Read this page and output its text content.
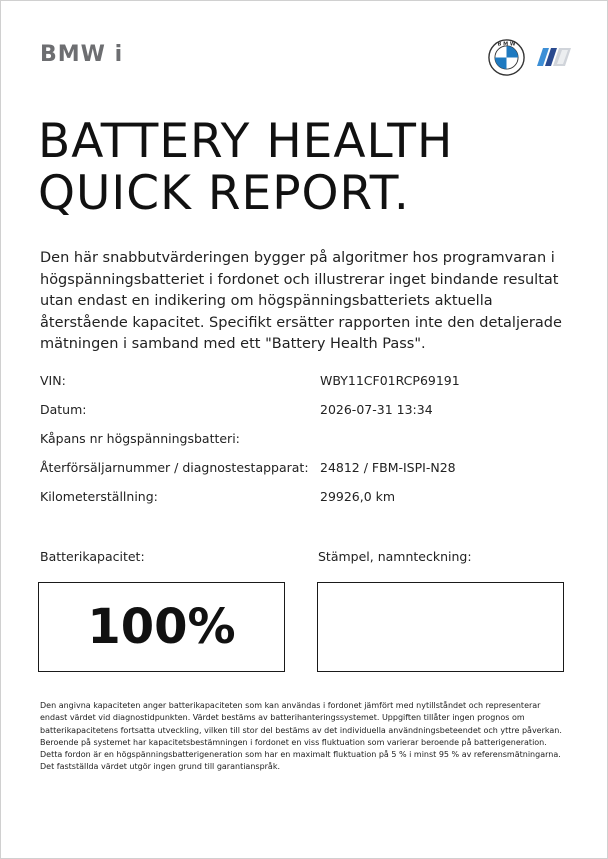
BMW i	B M W
BATTERY HEALTH
QUICK REPORT.

Den här snabbutvärderingen bygger på algoritmer hos programvaran i högspänningsbatteriet i fordonet och illustrerar inget bindande resultat utan endast en indikering om högspänningsbatteriets aktuella återstående kapacitet. Specifikt ersätter rapporten inte den detaljerade mätningen i samband med ett "Battery Health Pass".

VIN:	WBY11CF01RCP69191
Datum:	2026-07-31 13:34
Kåpans nr högspänningsbatteri:
Återförsäljarnummer / diagnostestapparat: 24812 / FBM-ISPI-N28
Kilometerställning:	29926,0 km
Batterikapacitet:	Stämpel, namnteckning:
100%

Den angivna kapaciteten anger batterikapaciteten som kan användas i fordonet jämfört med nytillståndet och representerar endast värdet vid diagnostidpunkten. Värdet bestäms av batterihanteringssystemet. Uppgiften tillåter ingen prognos om batterikapacitetens fortsatta utveckling, vilken till stor del bestäms av det individuella användningsbeteendet och yttre påverkan. Beroende på systemet har kapacitetsbestämningen i fordonet en viss fluktuation som varierar beroende på batterigeneration. Detta fordon är en högspänningsbatterigeneration som har en maximalt fluktuation på 5 % i minst 95 % av referensmätningarna. Det fastställda värdet utgör ingen grund till garantianspråk.
